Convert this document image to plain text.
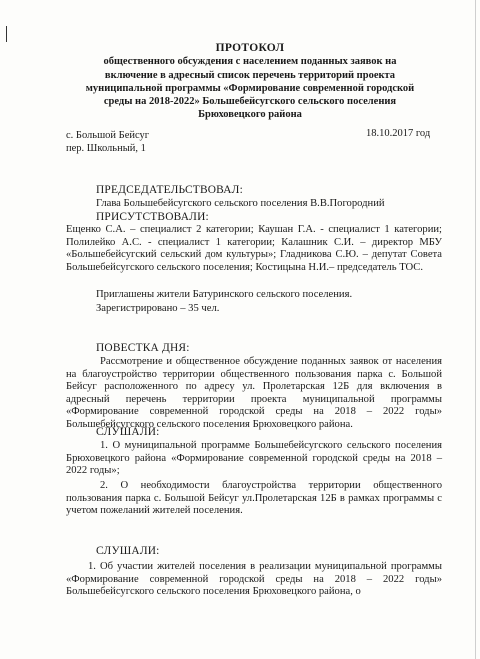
ПРОТОКОЛ
общественного обсуждения с населением поданных заявок на
включение в адресный список перечень территорий проекта
муниципальной программы «Формирование современной городской
среды на 2018-2022» Большебейсугского сельского поселения
Брюховецкого района
18.10.2017 год
с. Большой Бейсуг
пер. Школьный, 1
ПРЕДСЕДАТЕЛЬСТВОВАЛ:
Глава Большебейсугского сельского поселения В.В.Погородний
ПРИСУТСТВОВАЛИ:
Ещенко С.А. – специалист 2 категории; Каушан Г.А. - специалист 1 категории; Полилейко А.С. - специалист 1 категории; Калашник С.И. – директор МБУ «Большебейсугский сельский дом культуры»; Гладникова С.Ю. – депутат Совета Большебейсугского сельского поселения; Костицына Н.И.– председатель ТОС.
Приглашены жители Батуринского сельского поселения.
Зарегистрировано – 35 чел.
ПОВЕСТКА ДНЯ:
Рассмотрение и общественное обсуждение поданных заявок от населения на благоустройство территории общественного пользования парка с. Большой Бейсуг расположенного по адресу ул. Пролетарская 12Б для включения в адресный перечень территории проекта муниципальной программы «Формирование современной городской среды на 2018 – 2022 годы» Большебейсугского сельского поселения Брюховецкого района.
СЛУШАЛИ:
1. О муниципальной программе Большебейсугского сельского поселения Брюховецкого района «Формирование современной городской среды на 2018 – 2022 годы»;
2. О необходимости благоустройства территории общественного пользования парка с. Большой Бейсуг ул.Пролетарская 12Б в рамках программы с учетом пожеланий жителей поселения.
СЛУШАЛИ:
1. Об участии жителей поселения в реализации муниципальной программы «Формирование современной городской среды на 2018 – 2022 годы» Большебейсугского сельского поселения Брюховецкого района, о
